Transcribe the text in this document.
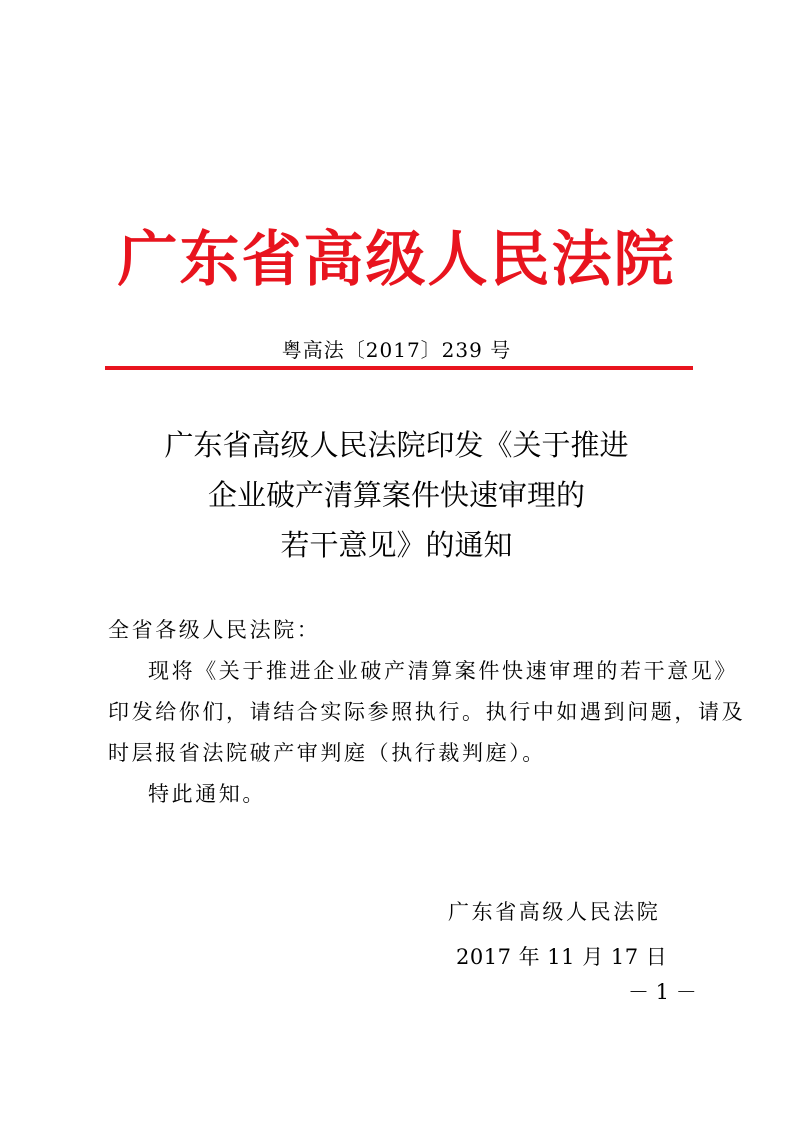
广东省高级人民法院
粤高法〔2017〕239 号
广东省高级人民法院印发《关于推进
企业破产清算案件快速审理的
若干意见》的通知
全省各级人民法院：
现将《关于推进企业破产清算案件快速审理的若干意见》
印发给你们，请结合实际参照执行。执行中如遇到问题，请及
时层报省法院破产审判庭（执行裁判庭）。
特此通知。
广东省高级人民法院
2017 年 11 月 17 日
－ 1 －
